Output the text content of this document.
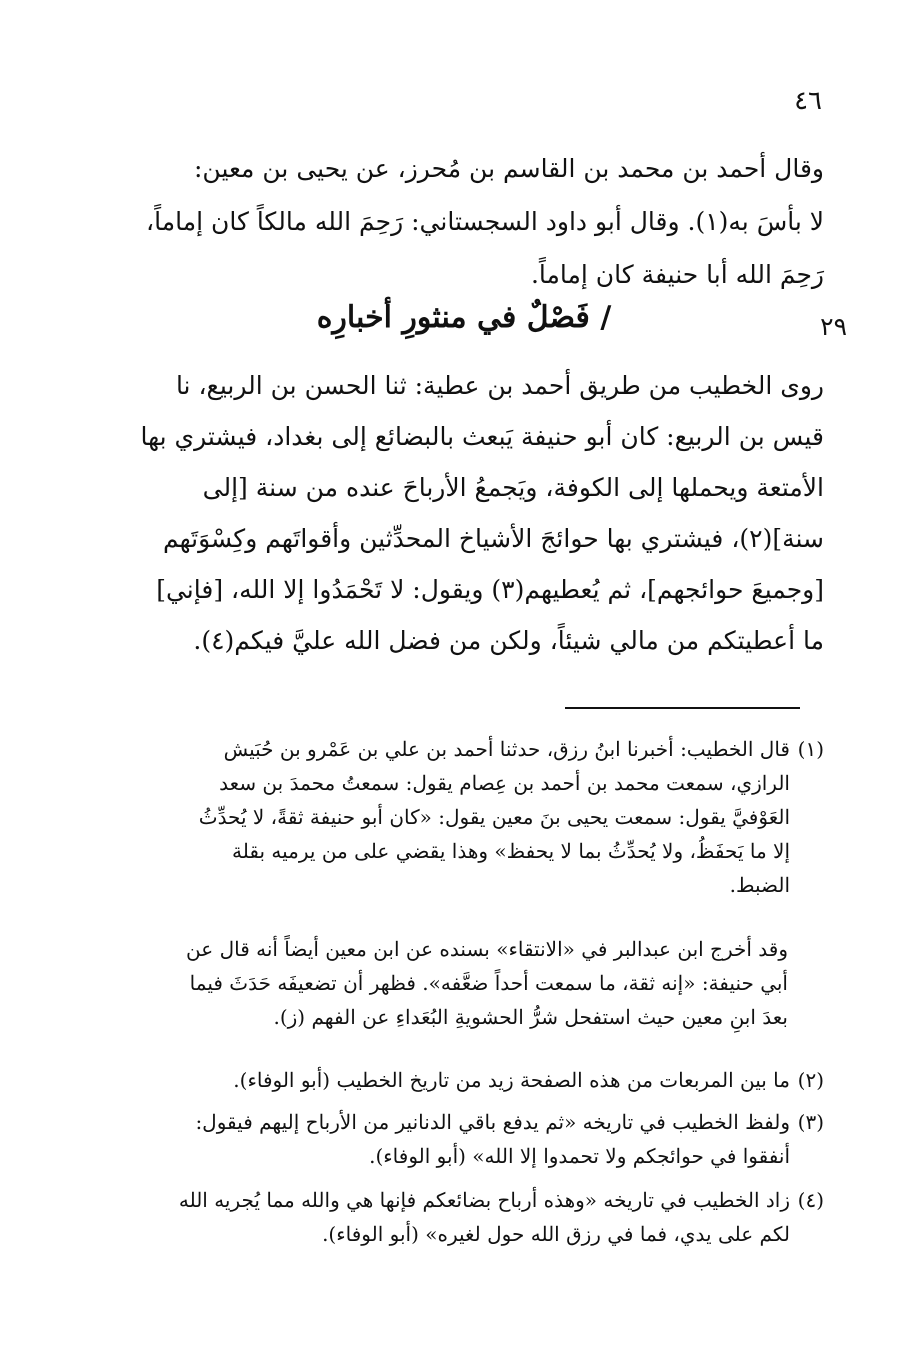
٤٦
وقال أحمد بن محمد بن القاسم بن مُحرز، عن يحيى بن معين:
لا بأسَ به(١). وقال أبو داود السجستاني: رَحِمَ الله مالكاً كان إماماً،
رَحِمَ الله أبا حنيفة كان إماماً.
٢٩
/ فَصْلٌ في منثورِ أخبارِه
روى الخطيب من طريق أحمد بن عطية: ثنا الحسن بن الربيع، نا
قيس بن الربيع: كان أبو حنيفة يَبعث بالبضائع إلى بغداد، فيشتري بها
الأمتعة ويحملها إلى الكوفة، ويَجمعُ الأرباحَ عنده من سنة [إلى
سنة](٢)، فيشتري بها حوائجَ الأشياخ المحدِّثين وأقواتَهم وكِسْوَتَهم
[وجميعَ حوائجهم]، ثم يُعطيهم(٣) ويقول: لا تَحْمَدُوا إلا الله، [فإني]
ما أعطيتكم من مالي شيئاً، ولكن من فضل الله عليَّ فيكم(٤).
(١)
قال الخطيب: أخبرنا ابنُ رزق، حدثنا أحمد بن علي بن عَمْرو بن حُبَيش
الرازي، سمعت محمد بن أحمد بن عِصام يقول: سمعتُ محمدَ بن سعد
العَوْفيَّ يقول: سمعت يحيى بنَ معين يقول: «كان أبو حنيفة ثقةً، لا يُحدِّثُ
إلا ما يَحفَظُ، ولا يُحدِّثُ بما لا يحفظ» وهذا يقضي على من يرميه بقلة
الضبط.
وقد أخرج ابن عبدالبر في «الانتقاء» بسنده عن ابن معين أيضاً أنه قال عن
أبي حنيفة: «إنه ثقة، ما سمعت أحداً ضعَّفه». فظهر أن تضعيفَه حَدَثَ فيما
بعدَ ابنِ معين حيث استفحل شرُّ الحشويةِ البُعَداءِ عن الفهم (ز).
(٢)
ما بين المربعات من هذه الصفحة زيد من تاريخ الخطيب (أبو الوفاء).
(٣)
ولفظ الخطيب في تاريخه «ثم يدفع باقي الدنانير من الأرباح إليهم فيقول:
أنفقوا في حوائجكم ولا تحمدوا إلا الله» (أبو الوفاء).
(٤)
زاد الخطيب في تاريخه «وهذه أرباح بضائعكم فإنها هي والله مما يُجريه الله
لكم على يدي، فما في رزق الله حول لغيره» (أبو الوفاء).
